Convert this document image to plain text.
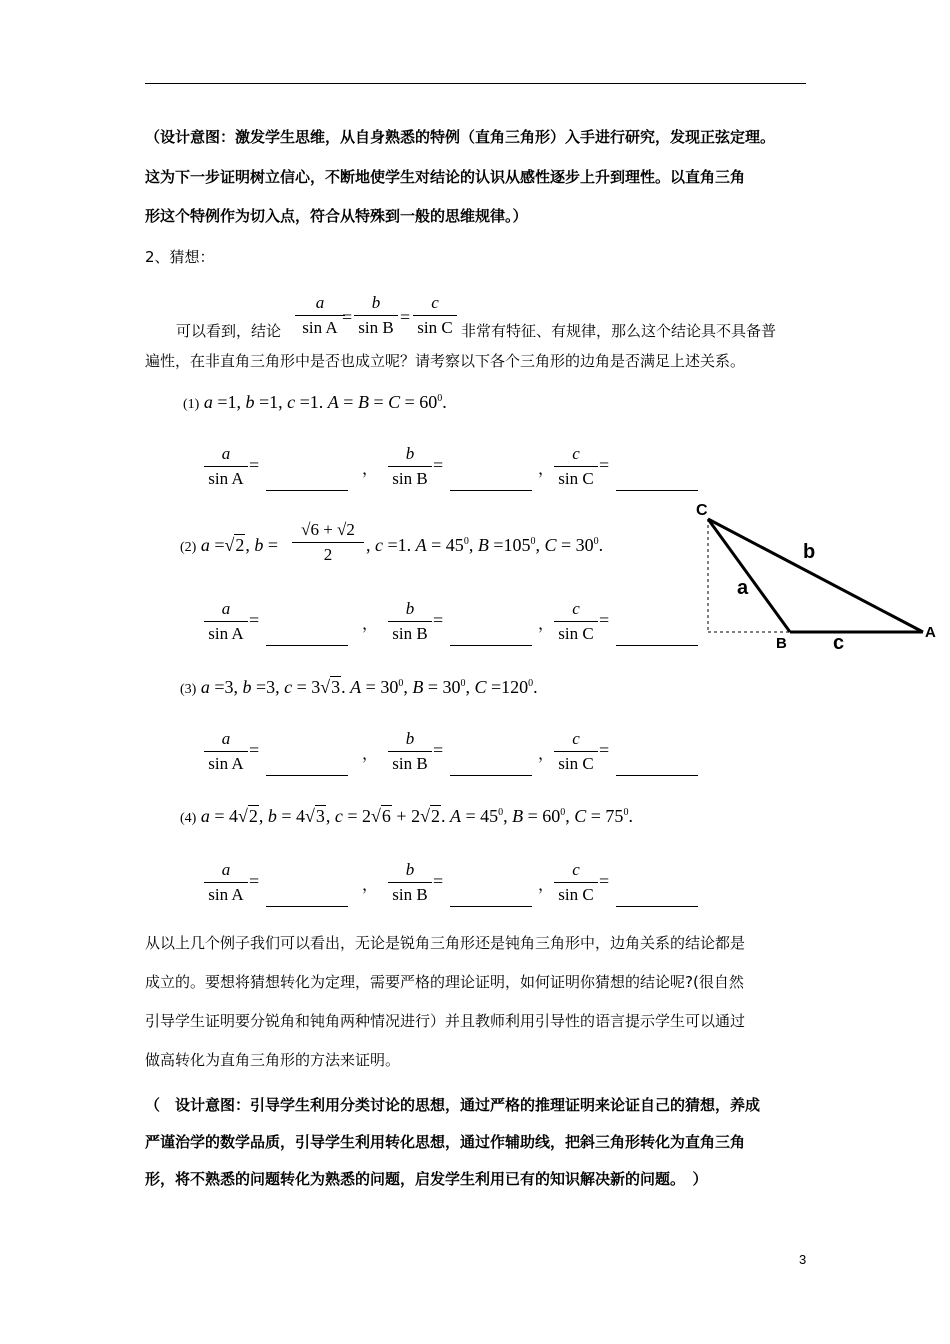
（设计意图：激发学生思维，从自身熟悉的特例（直角三角形）入手进行研究，发现正弦定理。
这为下一步证明树立信心，不断地使学生对结论的认识从感性逐步上升到理性。以直角三角
形这个特例作为切入点，符合从特殊到一般的思维规律。）
2、猜想：
a
sin A
=
b
sin B
=
c
sin C
可以看到，结论	非常有特征、有规律，那么这个结论具不具备普
遍性，在非直角三角形中是否也成立呢？请考察以下各个三角形的边角是否满足上述关系。
(1) a =1, b =1, c =1. $A = B = C = 60^0$.
a
sin A
=	，
b
sin B
=	，
c
sin C
=
a
sin A
=	，
b
sin B
=	，
c
sin C
=
a
sin A
=	，
b
sin B
=	，
c
sin C
=
a
sin A
=	，
b
sin B
=	，
c
sin C
=
(2) a =√2, b =
√6 + √2
2	, c =1. $A = 45^0$, $B =105^0$, $C = 30^0$.
(3) a =3, b =3, c = 3√3. $A = 30^0$, $B = 30^0$, $C =120^0$.
(4) a = 4√2, b = 4√3, c = 2√6 + 2√2. $A = 45^0$, $B = 60^0$, $C = 75^0$.
C
a
b
B c	A
从以上几个例子我们可以看出，无论是锐角三角形还是钝角三角形中，边角关系的结论都是
成立的。要想将猜想转化为定理，需要严格的理论证明，如何证明你猜想的结论呢?(很自然
引导学生证明要分锐角和钝角两种情况进行）并且教师利用引导性的语言提示学生可以通过
做高转化为直角三角形的方法来证明。
（　设计意图：引导学生利用分类讨论的思想，通过严格的推理证明来论证自己的猜想，养成
严谨治学的数学品质，引导学生利用转化思想，通过作辅助线，把斜三角形转化为直角三角
形，将不熟悉的问题转化为熟悉的问题，启发学生利用已有的知识解决新的问题。　）
3
